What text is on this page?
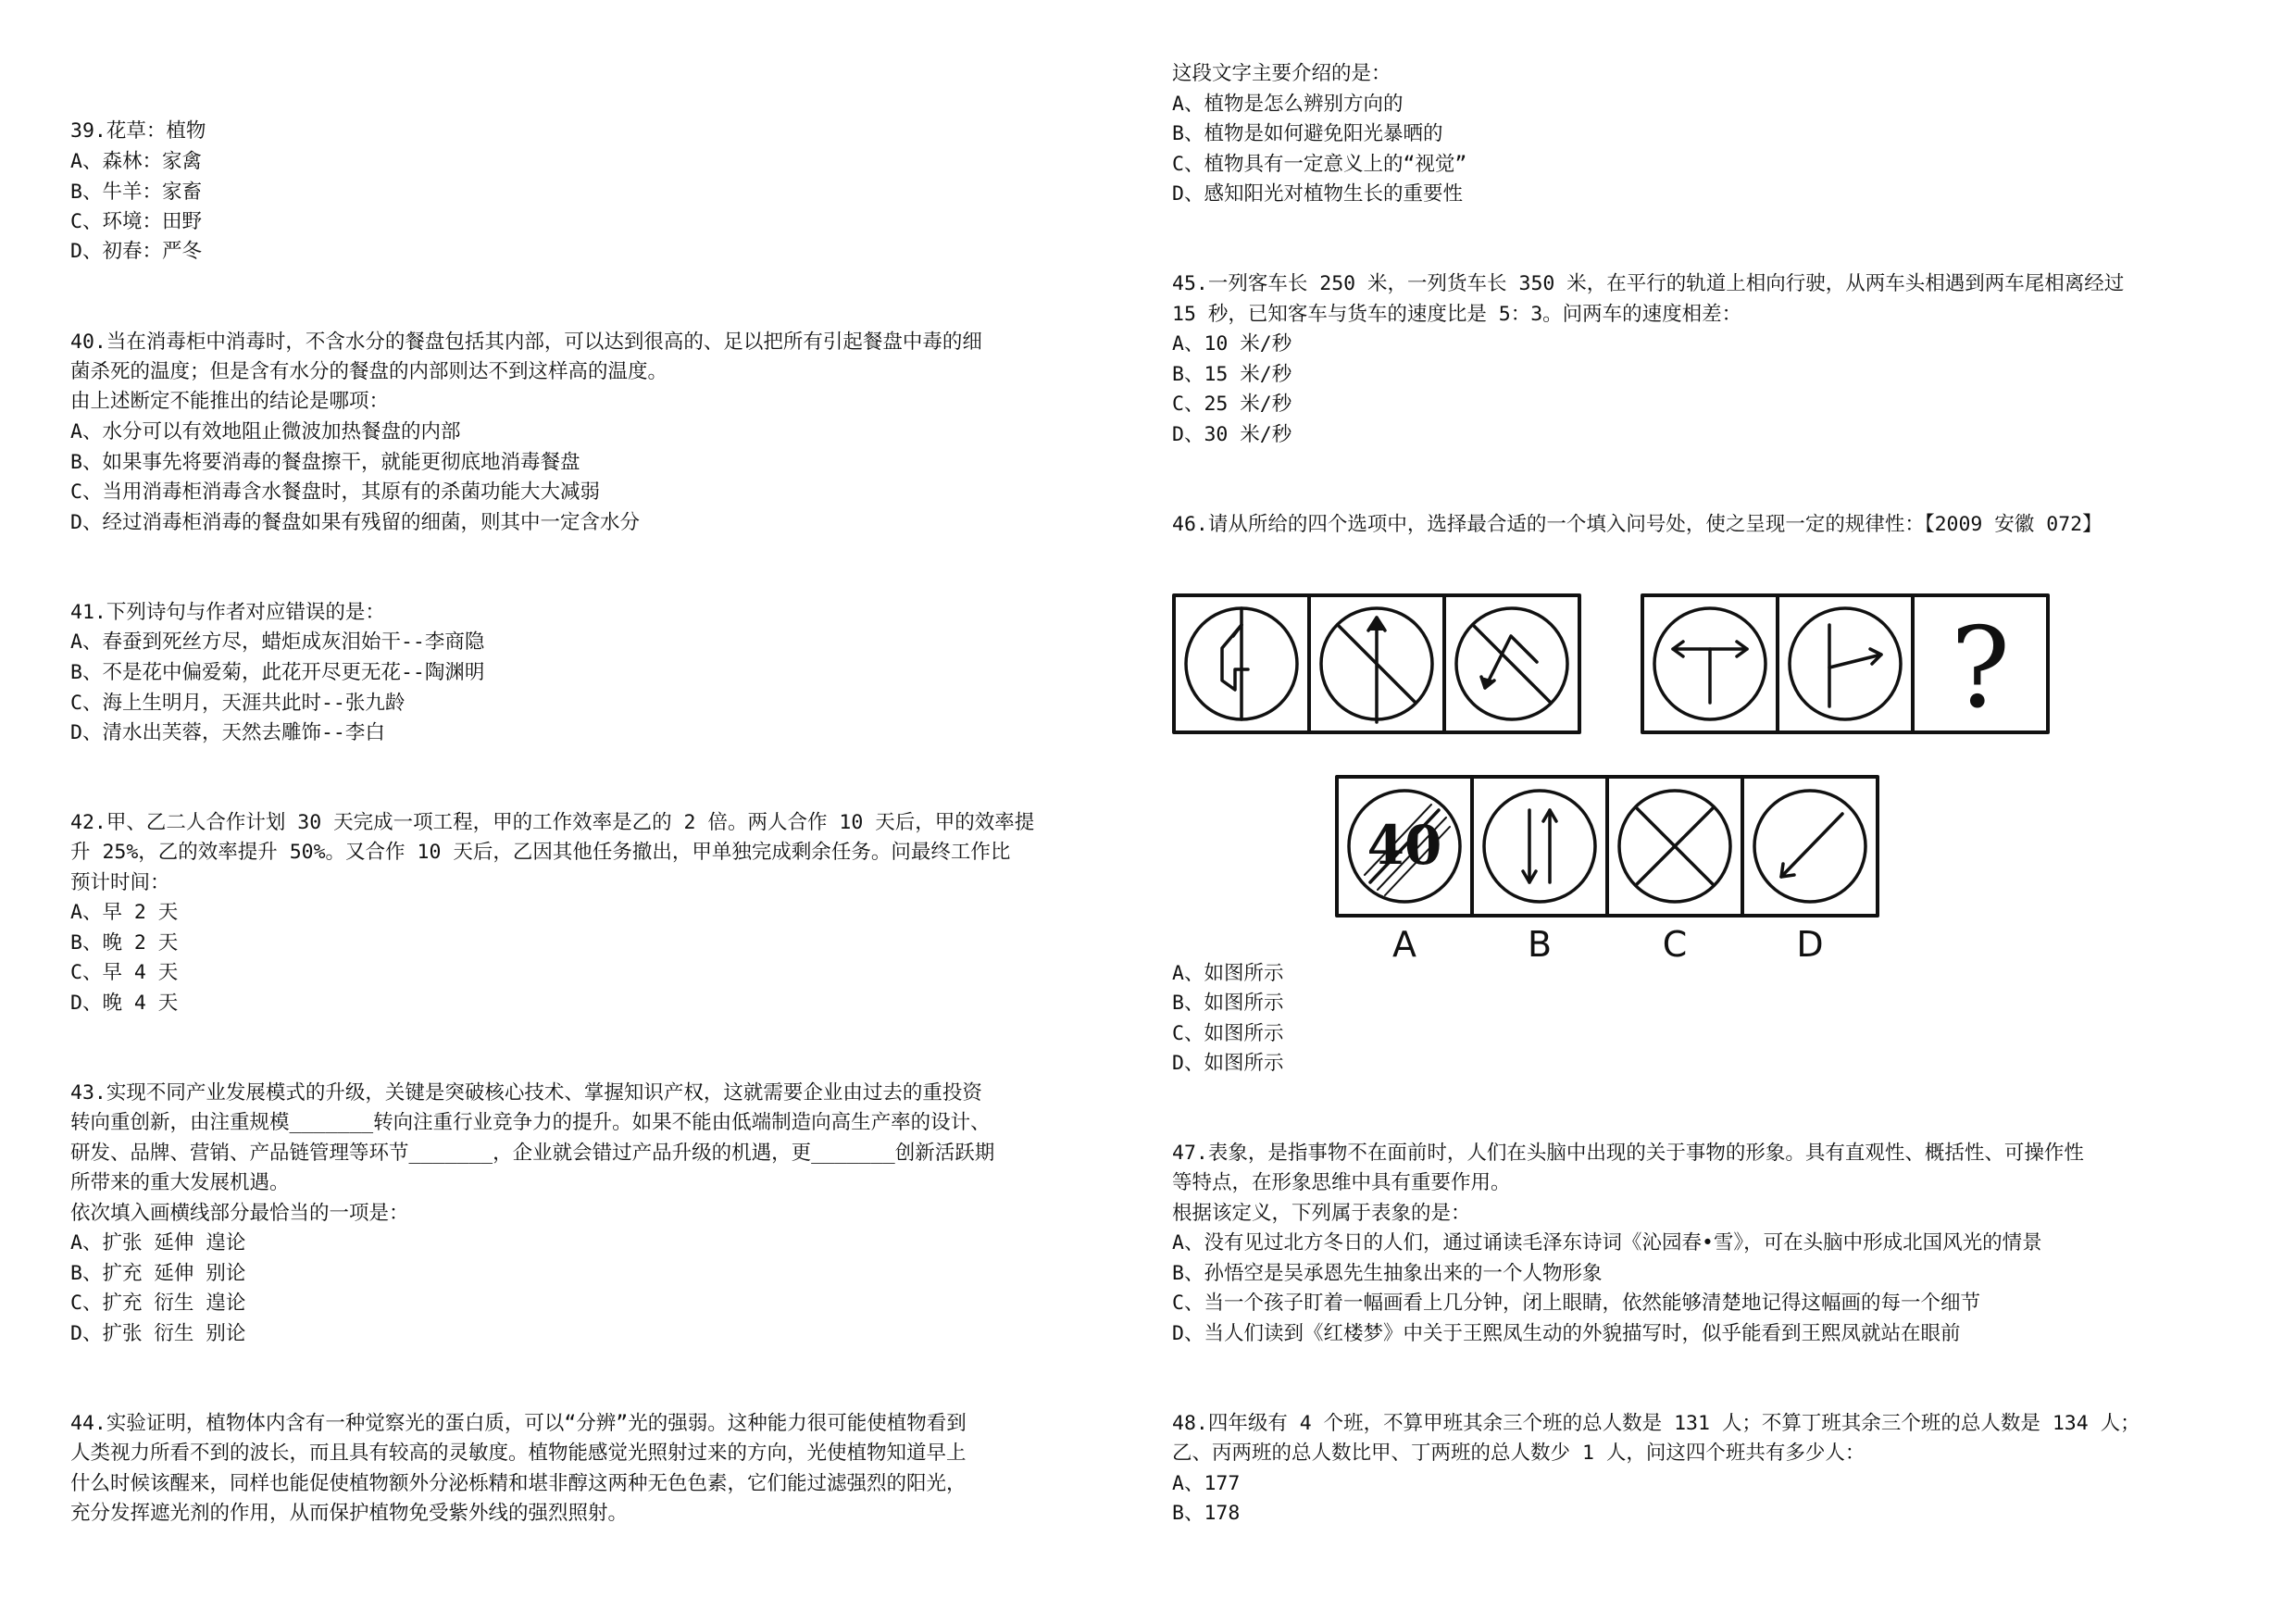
39.花草：植物
A、森林：家禽
B、牛羊：家畜
C、环境：田野
D、初春：严冬
40.当在消毒柜中消毒时，不含水分的餐盘包括其内部，可以达到很高的、足以把所有引起餐盘中毒的细
菌杀死的温度；但是含有水分的餐盘的内部则达不到这样高的温度。
由上述断定不能推出的结论是哪项：
A、水分可以有效地阻止微波加热餐盘的内部
B、如果事先将要消毒的餐盘擦干，就能更彻底地消毒餐盘
C、当用消毒柜消毒含水餐盘时，其原有的杀菌功能大大减弱
D、经过消毒柜消毒的餐盘如果有残留的细菌，则其中一定含水分
41.下列诗句与作者对应错误的是：
A、春蚕到死丝方尽，蜡炬成灰泪始干--李商隐
B、不是花中偏爱菊，此花开尽更无花--陶渊明
C、海上生明月，天涯共此时--张九龄
D、清水出芙蓉，天然去雕饰--李白
42.甲、乙二人合作计划 30 天完成一项工程，甲的工作效率是乙的 2 倍。两人合作 10 天后，甲的效率提
升 25%，乙的效率提升 50%。又合作 10 天后，乙因其他任务撤出，甲单独完成剩余任务。问最终工作比
预计时间：
A、早 2 天
B、晚 2 天
C、早 4 天
D、晚 4 天
43.实现不同产业发展模式的升级，关键是突破核心技术、掌握知识产权，这就需要企业由过去的重投资
转向重创新，由注重规模_______转向注重行业竞争力的提升。如果不能由低端制造向高生产率的设计、
研发、品牌、营销、产品链管理等环节_______，企业就会错过产品升级的机遇，更_______创新活跃期
所带来的重大发展机遇。
依次填入画横线部分最恰当的一项是：
A、扩张 延伸 遑论
B、扩充 延伸 别论
C、扩充 衍生 遑论
D、扩张 衍生 别论
44.实验证明，植物体内含有一种觉察光的蛋白质，可以“分辨”光的强弱。这种能力很可能使植物看到
人类视力所看不到的波长，而且具有较高的灵敏度。植物能感觉光照射过来的方向，光使植物知道早上
什么时候该醒来，同样也能促使植物额外分泌栎精和堪非醇这两种无色色素，它们能过滤强烈的阳光，
充分发挥遮光剂的作用，从而保护植物免受紫外线的强烈照射。
这段文字主要介绍的是：
A、植物是怎么辨别方向的
B、植物是如何避免阳光暴晒的
C、植物具有一定意义上的“视觉”
D、感知阳光对植物生长的重要性
45.一列客车长 250 米，一列货车长 350 米，在平行的轨道上相向行驶，从两车头相遇到两车尾相离经过
15 秒，已知客车与货车的速度比是 5：3。问两车的速度相差：
A、10 米/秒
B、15 米/秒
C、25 米/秒
D、30 米/秒
46.请从所给的四个选项中，选择最合适的一个填入问号处，使之呈现一定的规律性：【2009 安徽 072】
A、如图所示
B、如图所示
C、如图所示
D、如图所示
47.表象，是指事物不在面前时，人们在头脑中出现的关于事物的形象。具有直观性、概括性、可操作性
等特点，在形象思维中具有重要作用。
根据该定义，下列属于表象的是：
A、没有见过北方冬日的人们，通过诵读毛泽东诗词《沁园春•雪》，可在头脑中形成北国风光的情景
B、孙悟空是吴承恩先生抽象出来的一个人物形象
C、当一个孩子盯着一幅画看上几分钟，闭上眼睛，依然能够清楚地记得这幅画的每一个细节
D、当人们读到《红楼梦》中关于王熙凤生动的外貌描写时，似乎能看到王熙凤就站在眼前
48.四年级有 4 个班，不算甲班其余三个班的总人数是 131 人；不算丁班其余三个班的总人数是 134 人；
乙、丙两班的总人数比甲、丁两班的总人数少 1 人，问这四个班共有多少人：
A、177
B、178
?
40
A	B	C	D
